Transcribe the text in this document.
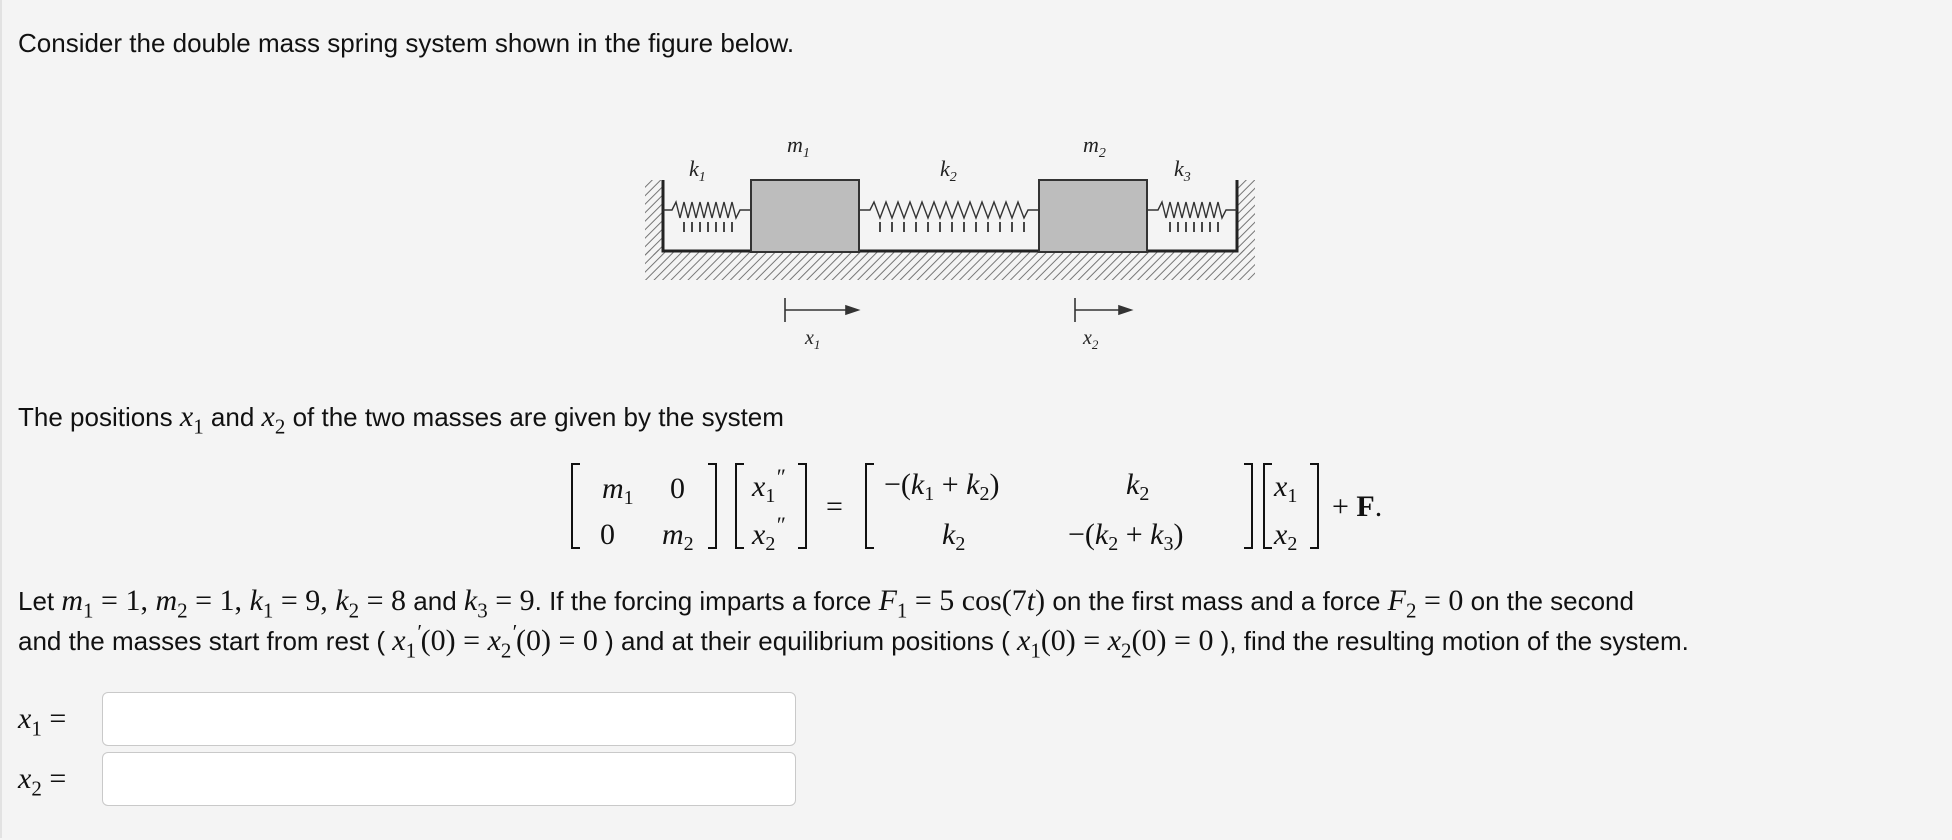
Consider the double mass spring system shown in the figure below.
$m_1$	$m_2$
$k_1$	$k_2$	$k_3$
$x_1$	$x_2$
The positions $x_1$ and $x_2$ of the two masses are given by the system
$m_1$ 0
0 $m_2$
$x_1''$
$x_2''$
=
$-(k_1 + k_2)$	$k_2$
$k_2$	$-(k_2 + k_3)$
$x_1$
$x_2$
+ F.
Let $m_1 = 1$, $m_2 = 1$, $k_1 = 9$, $k_2 = 8$ and $k_3 = 9$. If the forcing imparts a force $F_1 = 5$ cos(7t) on the first mass and a force $F_2 = 0$ on the second
and the masses start from rest ( $x_1'(0) = x_2'(0) = 0$ ) and at their equilibrium positions ( $x_1(0) = x_2(0) = 0$ ), find the resulting motion of the system.
$x_1$ =
$x_2$ =
